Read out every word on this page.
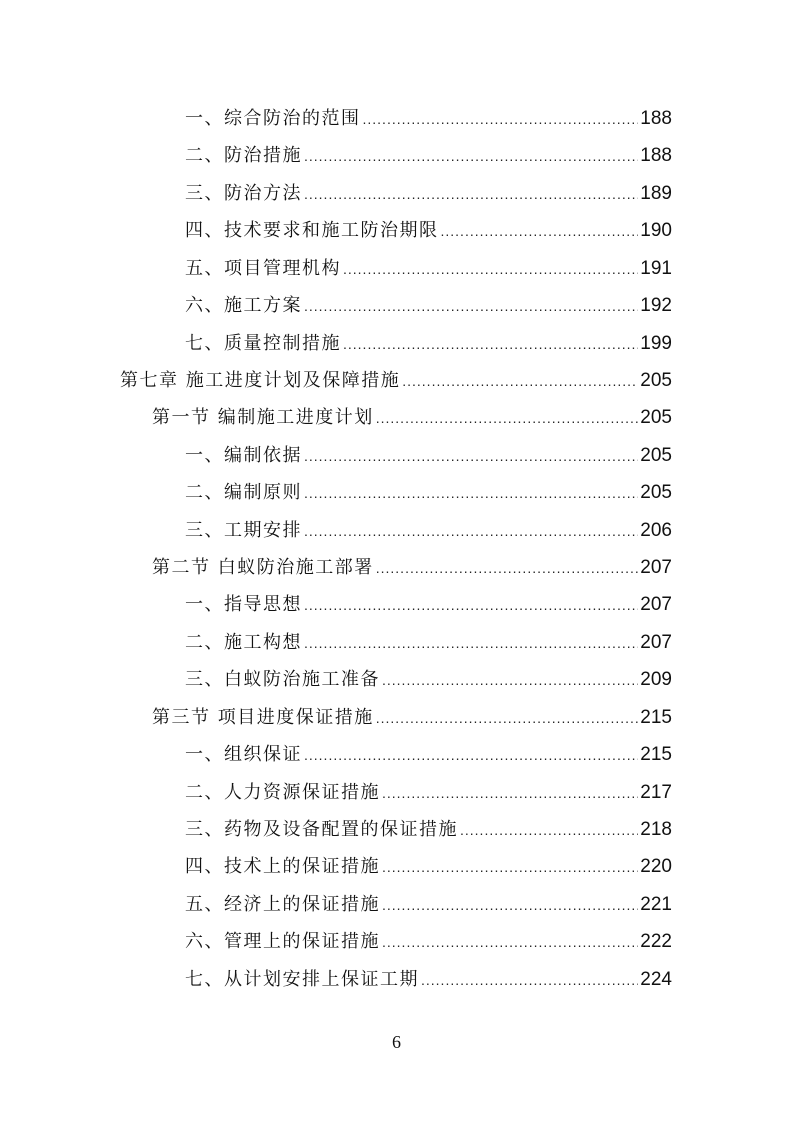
一、综合防治的范围 .....	188
二、防治措施 .....	188
三、防治方法 .....	189
四、技术要求和施工防治期限 .....	190
五、项目管理机构 .....	191
六、施工方案 .....	192
七、质量控制措施 .....	199
第七章 施工进度计划及保障措施 .....	205
第一节 编制施工进度计划 .....	205
一、编制依据 .....	205
二、编制原则 .....	205
三、工期安排 .....	206
第二节 白蚁防治施工部署 .....	207
一、指导思想 .....	207
二、施工构想 .....	207
三、白蚁防治施工准备 .....	209
第三节 项目进度保证措施 .....	215
一、组织保证 .....	215
二、人力资源保证措施 .....	217
三、药物及设备配置的保证措施 .....	218
四、技术上的保证措施 .....	220
五、经济上的保证措施 .....	221
六、管理上的保证措施 .....	222
七、从计划安排上保证工期 .....	224
6
